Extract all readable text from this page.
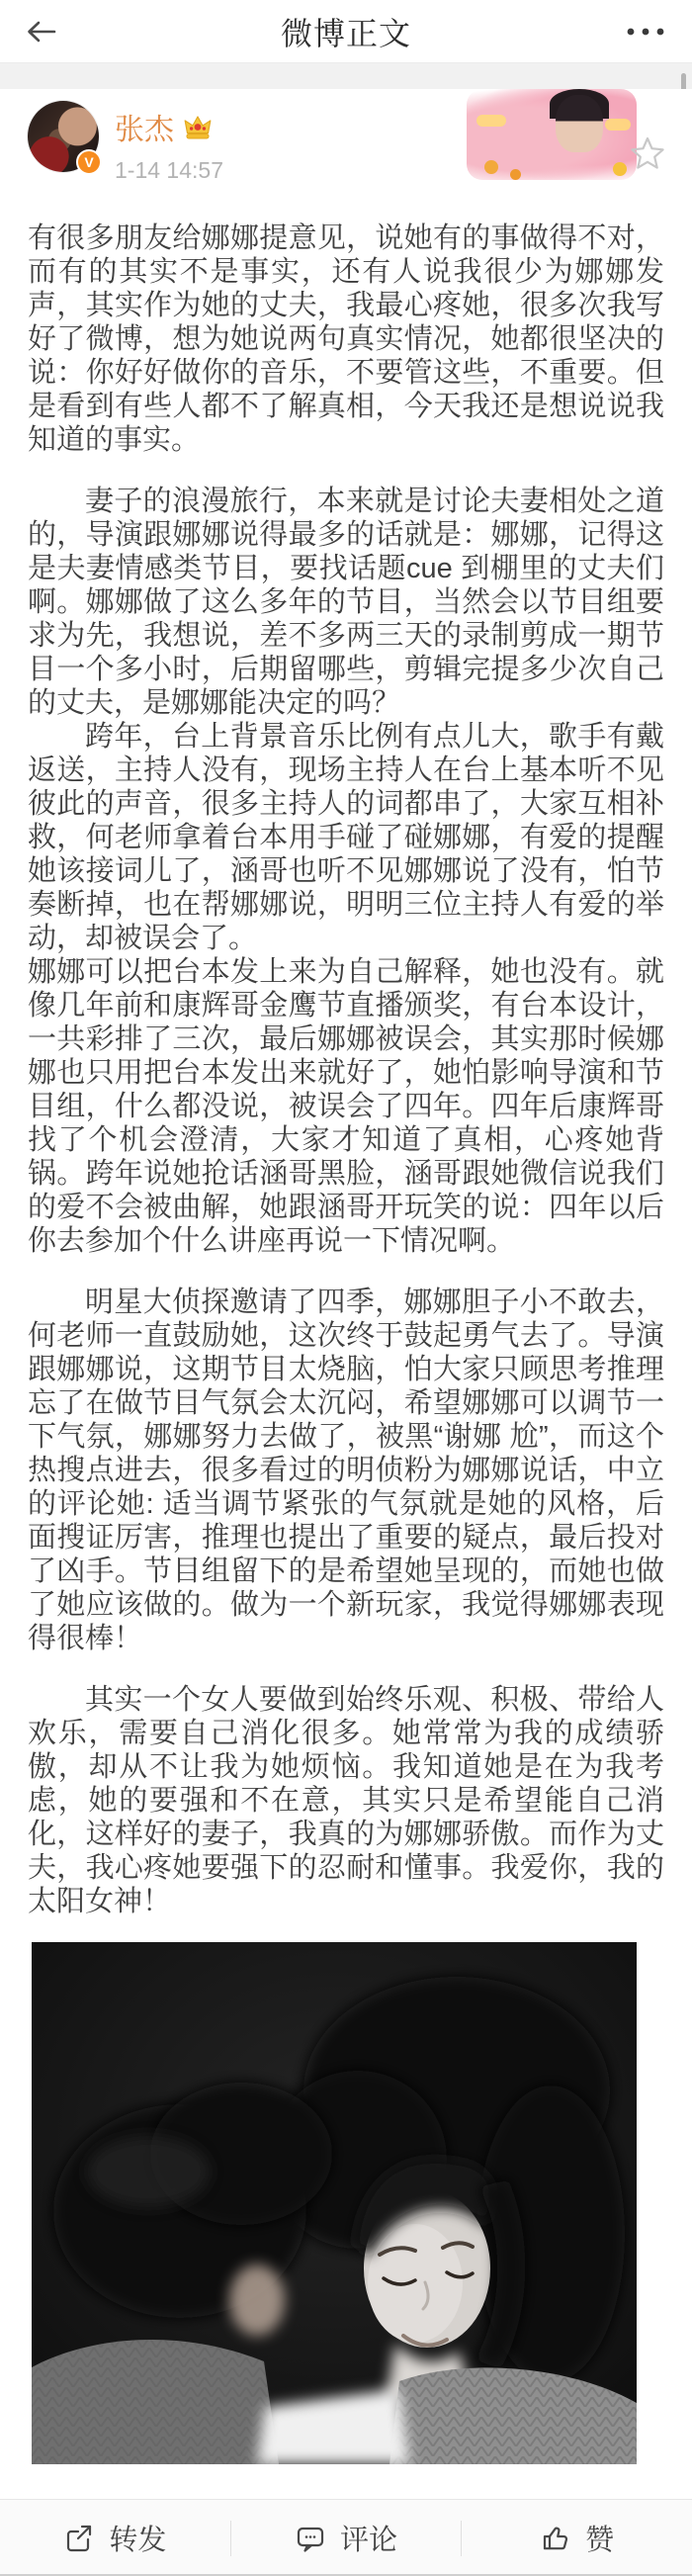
微博正文
V
张杰
1-14 14:57

有很多朋友给娜娜提意见，说她有的事做得不对，而有的其实不是事实，还有人说我很少为娜娜发声，其实作为她的丈夫，我最心疼她，很多次我写好了微博，想为她说两句真实情况，她都很坚决的说：你好好做你的音乐，不要管这些，不重要。但是看到有些人都不了解真相，今天我还是想说说我知道的事实。

妻子的浪漫旅行，本来就是讨论夫妻相处之道的，导演跟娜娜说得最多的话就是：娜娜，记得这是夫妻情感类节目，要找话题cue 到棚里的丈夫们啊。娜娜做了这么多年的节目，当然会以节目组要求为先，我想说，差不多两三天的录制剪成一期节目一个多小时，后期留哪些，剪辑完提多少次自己的丈夫，是娜娜能决定的吗？

跨年，台上背景音乐比例有点儿大，歌手有戴返送，主持人没有，现场主持人在台上基本听不见彼此的声音，很多主持人的词都串了，大家互相补救，何老师拿着台本用手碰了碰娜娜，有爱的提醒她该接词儿了，涵哥也听不见娜娜说了没有，怕节奏断掉，也在帮娜娜说，明明三位主持人有爱的举动，却被误会了。

娜娜可以把台本发上来为自己解释，她也没有。就像几年前和康辉哥金鹰节直播颁奖，有台本设计，一共彩排了三次，最后娜娜被误会，其实那时候娜娜也只用把台本发出来就好了，她怕影响导演和节目组，什么都没说，被误会了四年。四年后康辉哥找了个机会澄清，大家才知道了真相，心疼她背锅。跨年说她抢话涵哥黑脸，涵哥跟她微信说我们的爱不会被曲解，她跟涵哥开玩笑的说：四年以后你去参加个什么讲座再说一下情况啊。

明星大侦探邀请了四季，娜娜胆子小不敢去，何老师一直鼓励她，这次终于鼓起勇气去了。导演跟娜娜说，这期节目太烧脑，怕大家只顾思考推理忘了在做节目气氛会太沉闷，希望娜娜可以调节一下气氛，娜娜努力去做了，被黑“谢娜 尬”，而这个热搜点进去，很多看过的明侦粉为娜娜说话，中立的评论她: 适当调节紧张的气氛就是她的风格，后面搜证厉害，推理也提出了重要的疑点，最后投对了凶手。节目组留下的是希望她呈现的，而她也做了她应该做的。做为一个新玩家，我觉得娜娜表现得很棒！

其实一个女人要做到始终乐观、积极、带给人欢乐，需要自己消化很多。她常常为我的成绩骄傲，却从不让我为她烦恼。我知道她是在为我考虑，她的要强和不在意，其实只是希望能自己消化，这样好的妻子，我真的为娜娜骄傲。而作为丈夫，我心疼她要强下的忍耐和懂事。我爱你，我的太阳女神！

转发	评论	赞
